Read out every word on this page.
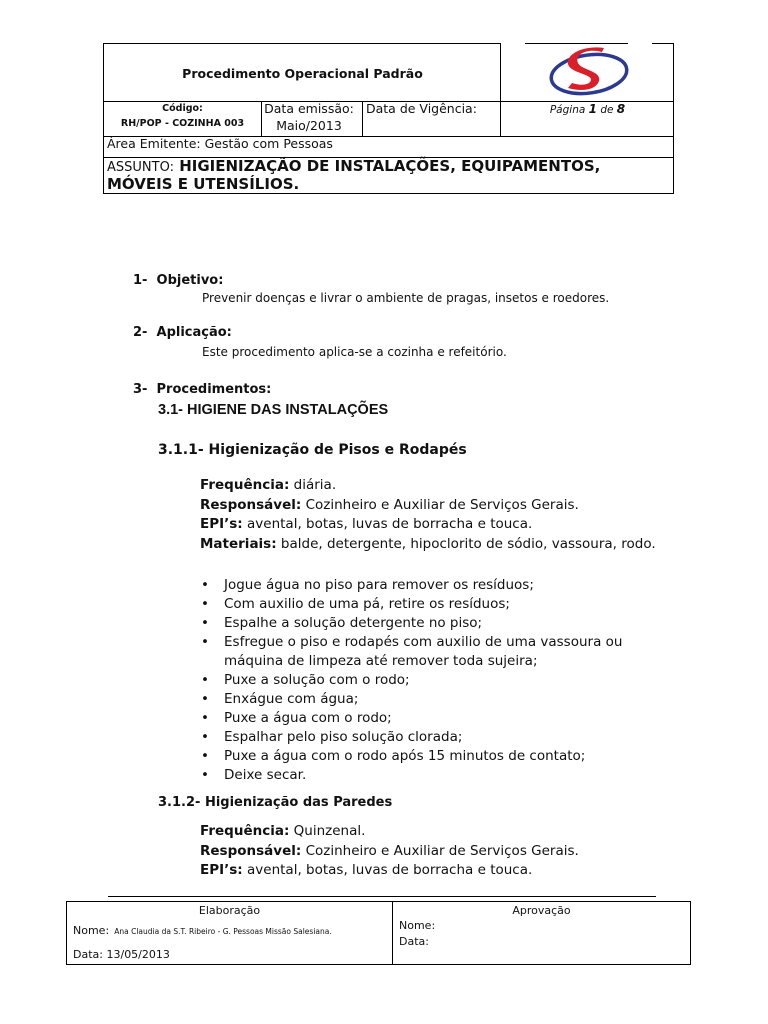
Procedimento Operacional Padrão
Código:
RH/POP - COZINHA 003
Data emissão:
Maio/2013
Data de Vigência:	Página 1 de 8
Área Emitente: Gestão com Pessoas
ASSUNTO: HIGIENIZAÇÃO DE INSTALAÇÕES, EQUIPAMENTOS, MÓVEIS E UTENSÍLIOS.
1- Objetivo:
Prevenir doenças e livrar o ambiente de pragas, insetos e roedores.
2- Aplicação:
Este procedimento aplica-se a cozinha e refeitório.
3- Procedimentos:
3.1- HIGIENE DAS INSTALAÇÕES
3.1.1- Higienização de Pisos e Rodapés
Frequência: diária.
Responsável: Cozinheiro e Auxiliar de Serviços Gerais.
EPI’s: avental, botas, luvas de borracha e touca.
Materiais: balde, detergente, hipoclorito de sódio, vassoura, rodo.
• Jogue água no piso para remover os resíduos;
• Com auxilio de uma pá, retire os resíduos;
• Espalhe a solução detergente no piso;
• Esfregue o piso e rodapés com auxilio de uma vassoura ou máquina de limpeza até remover toda sujeira;
• Puxe a solução com o rodo;
• Enxágue com água;
• Puxe a água com o rodo;
• Espalhar pelo piso solução clorada;
• Puxe a água com o rodo após 15 minutos de contato;
• Deixe secar.
3.1.2- Higienização das Paredes
Frequência: Quinzenal.
Responsável: Cozinheiro e Auxiliar de Serviços Gerais.
EPI’s: avental, botas, luvas de borracha e touca.
Elaboração	Aprovação
Nome: Ana Claudia da S.T. Ribeiro - G. Pessoas Missão Salesiana.
Data: 13/05/2013
Nome:
Data:
